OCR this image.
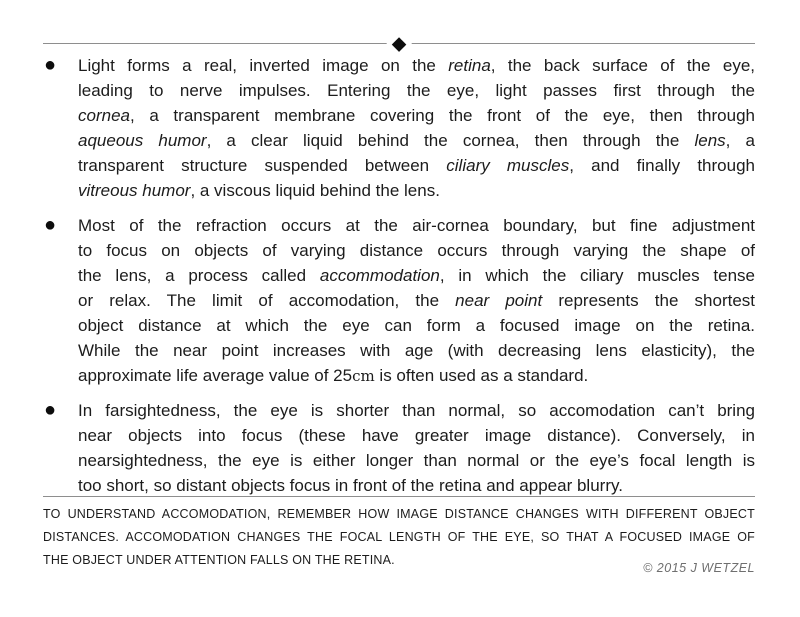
◆
● Light forms a real, inverted image on the retina, the back surface of the eye,
leading to nerve impulses. Entering the eye, light passes first through the
cornea, a transparent membrane covering the front of the eye, then through
aqueous humor, a clear liquid behind the cornea, then through the lens, a
transparent structure suspended between ciliary muscles, and finally through
vitreous humor, a viscous liquid behind the lens.
● Most of the refraction occurs at the air-cornea boundary, but fine adjustment
to focus on objects of varying distance occurs through varying the shape of
the lens, a process called accommodation, in which the ciliary muscles tense
or relax. The limit of accomodation, the near point represents the shortest
object distance at which the eye can form a focused image on the retina.
While the near point increases with age (with decreasing lens elasticity), the
approximate life average value of 25cm is often used as a standard.
● In farsightedness, the eye is shorter than normal, so accomodation can’t bring
near objects into focus (these have greater image distance). Conversely, in
nearsightedness, the eye is either longer than normal or the eye’s focal length is
too short, so distant objects focus in front of the retina and appear blurry.
TO UNDERSTAND ACCOMODATION, REMEMBER HOW IMAGE DISTANCE CHANGES WITH DIFFERENT OBJECT
DISTANCES. ACCOMODATION CHANGES THE FOCAL LENGTH OF THE EYE, SO THAT A FOCUSED IMAGE OF
THE OBJECT UNDER ATTENTION FALLS ON THE RETINA.
© 2015 J WETZEL
